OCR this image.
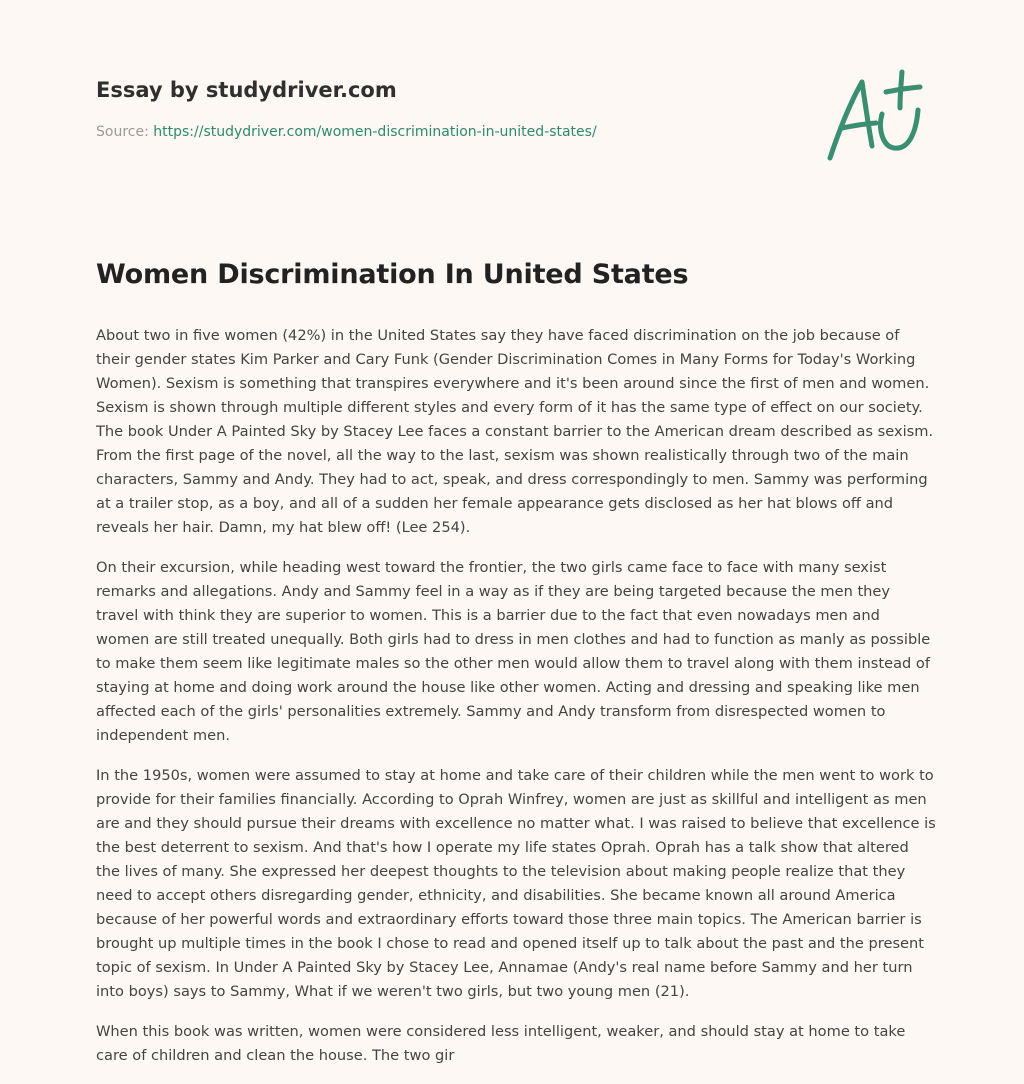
Essay by studydriver.com
Source: https://studydriver.com/women-discrimination-in-united-states/
Women Discrimination In United States

About two in five women (42%) in the United States say they have faced discrimination on the job because of their gender states Kim Parker and Cary Funk (Gender Discrimination Comes in Many Forms for Today's Working Women). Sexism is something that transpires everywhere and it's been around since the first of men and women. Sexism is shown through multiple different styles and every form of it has the same type of effect on our society. The book Under A Painted Sky by Stacey Lee faces a constant barrier to the American dream described as sexism. From the first page of the novel, all the way to the last, sexism was shown realistically through two of the main characters, Sammy and Andy. They had to act, speak, and dress correspondingly to men. Sammy was performing at a trailer stop, as a boy, and all of a sudden her female appearance gets disclosed as her hat blows off and reveals her hair. Damn, my hat blew off! (Lee 254).

On their excursion, while heading west toward the frontier, the two girls came face to face with many sexist remarks and allegations. Andy and Sammy feel in a way as if they are being targeted because the men they travel with think they are superior to women. This is a barrier due to the fact that even nowadays men and women are still treated unequally. Both girls had to dress in men clothes and had to function as manly as possible to make them seem like legitimate males so the other men would allow them to travel along with them instead of staying at home and doing work around the house like other women. Acting and dressing and speaking like men affected each of the girls' personalities extremely. Sammy and Andy transform from disrespected women to independent men.

In the 1950s, women were assumed to stay at home and take care of their children while the men went to work to provide for their families financially. According to Oprah Winfrey, women are just as skillful and intelligent as men are and they should pursue their dreams with excellence no matter what. I was raised to believe that excellence is the best deterrent to sexism. And that's how I operate my life states Oprah. Oprah has a talk show that altered the lives of many. She expressed her deepest thoughts to the television about making people realize that they need to accept others disregarding gender, ethnicity, and disabilities. She became known all around America because of her powerful words and extraordinary efforts toward those three main topics. The American barrier is brought up multiple times in the book I chose to read and opened itself up to talk about the past and the present topic of sexism. In Under A Painted Sky by Stacey Lee, Annamae (Andy's real name before Sammy and her turn into boys) says to Sammy, What if we weren't two girls, but two young men (21).

When this book was written, women were considered less intelligent, weaker, and should stay at home to take care of children and clean the house. The two gir
